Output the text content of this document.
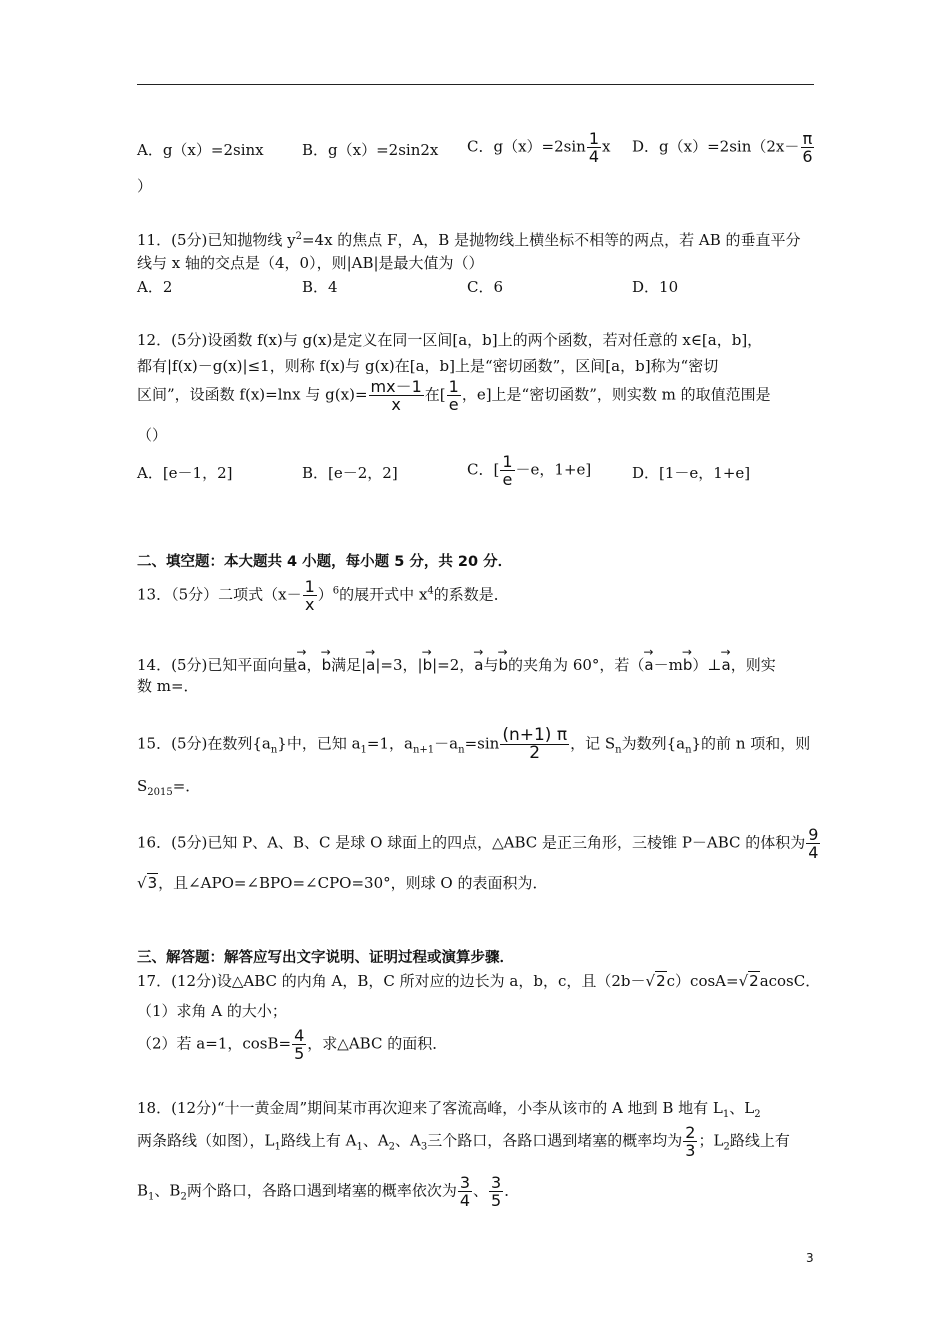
A．g（x）=2sinx	B．g（x）=2sin2x C．$g(x)=2\sin \frac{1}{4}$ x D．$g(x)=2\sin(2x- \frac{\pi}{6}$
）
11．(5分)已知抛物线 $y^2=4x$ 的焦点 F，A，B 是抛物线上横坐标不相等的两点，若 AB 的垂直平分
线与 x 轴的交点是（4，0），则|AB|是最大值为（）
A．2	B．4	C．6	D．10
12．(5分)设函数 f(x)与 g(x)是定义在同一区间[a，b]上的两个函数，若对任意的 x∈[a，b]，
都有|f(x)－g(x)|≤1，则称 f(x)与 g(x)在[a，b]上是“密切函数”，区间[a，b]称为“密切
区间”，设函数 f(x)=lnx 与 $g(x)= \frac{mx-1}{x}$ 在[ $\frac{1}{e}$ ，e]上是“密切函数”，则实数 m 的取值范围是
（）
A．[e－1，2]	B．[e－2，2]	C．[ $\frac{1}{e} -e$，1+e]	D．[1－e，1+e]
二、填空题：本大题共 4 小题，每小题 5 分，共 20 分．
13．（5分）二项式$(x- \frac{1}{x} )^6$的展开式中 $x^4$的系数是．
14．(5分)已知平面向量→ a，→ b满足|→ a|=3，|→ b|=2，→ a与→ b的夹角为 60°，若（→ a－m→ b）⊥→ a，则实
数 m=．
15．(5分)在数列$\{a_n\}$中，已知 $a_1=1$，$a_{n+1}-a_n=\sin \frac{(n+1) \pi}{2}$ ，记 $S_n$为数列$\{a_n\}$的前 n 项和，则
$S_{2015}=$．
16．(5分)已知 P、A、B、C 是球 O 球面上的四点，△ABC 是正三角形，三棱锥 P－ABC 的体积为 $\frac{9}{4}$
√3，且∠APO=∠BPO=∠CPO=30°，则球 O 的表面积为．
三、解答题：解答应写出文字说明、证明过程或演算步骤．
17．(12分)设△ABC 的内角 A，B，C 所对应的边长为 a，b，c，且（2b－√2c）cosA=√2acosC．
（1）求角 A 的大小；
（2）若 a=1，$\cos B= \frac{4}{5}$ ，求△ABC 的面积．
18．(12分)“十一黄金周”期间某市再次迎来了客流高峰，小李从该市的 A 地到 B 地有 $L_1$、$L_2$
两条路线（如图），$L_1$路线上有 $A_1$、$A_2$、$A_3$三个路口，各路口遇到堵塞的概率均为 $\frac{2}{3}$ ；$L_2$路线上有
$B_1$、$B_2$两个路口，各路口遇到堵塞的概率依次为 $\frac{3}{4}$ 、 $\frac{3}{5}$ ．
3
